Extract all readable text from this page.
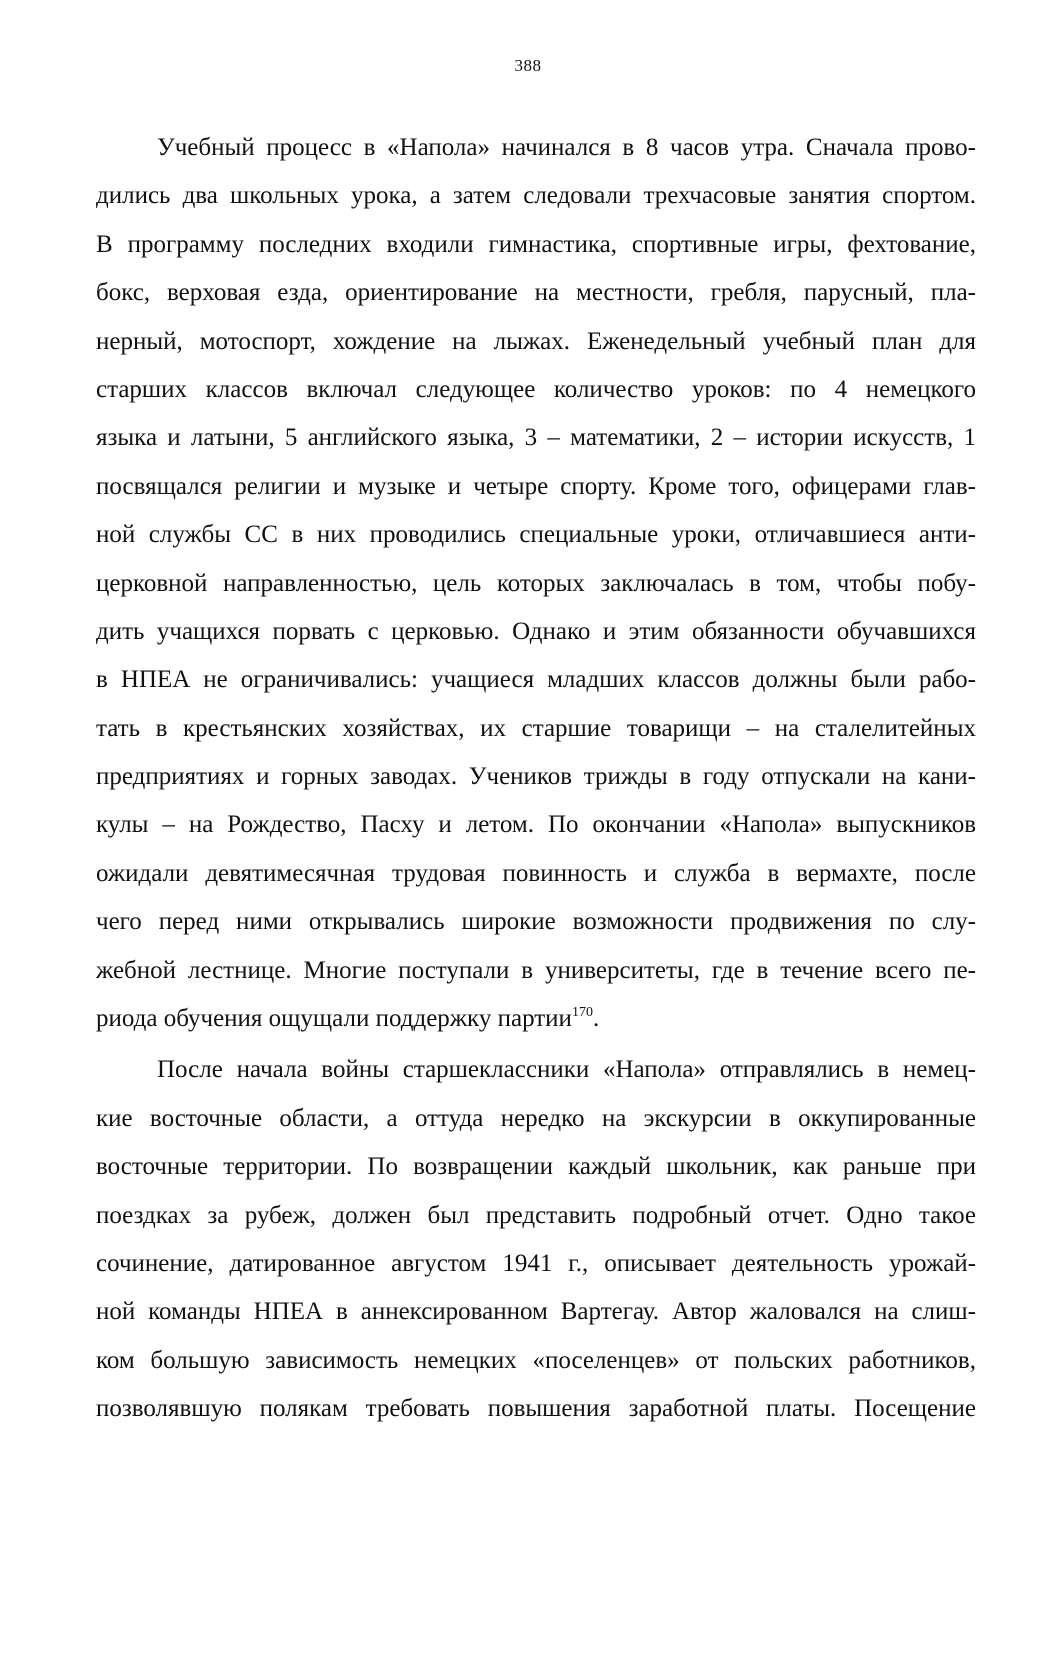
388
Учебный процесс в «Напола» начинался в 8 часов утра. Сначала прово-
дились два школьных урока, а затем следовали трехчасовые занятия спортом.
В программу последних входили гимнастика, спортивные игры, фехтование,
бокс, верховая езда, ориентирование на местности, гребля, парусный, пла-
нерный, мотоспорт, хождение на лыжах. Еженедельный учебный план для
старших классов включал следующее количество уроков: по 4 немецкого
языка и латыни, 5 английского языка, 3 – математики, 2 – истории искусств, 1
посвящался религии и музыке и четыре спорту. Кроме того, офицерами глав-
ной службы СС в них проводились специальные уроки, отличавшиеся анти-
церковной направленностью, цель которых заключалась в том, чтобы побу-
дить учащихся порвать с церковью. Однако и этим обязанности обучавшихся
в НПЕА не ограничивались: учащиеся младших классов должны были рабо-
тать в крестьянских хозяйствах, их старшие товарищи – на сталелитейных
предприятиях и горных заводах. Учеников трижды в году отпускали на кани-
кулы – на Рождество, Пасху и летом. По окончании «Напола» выпускников
ожидали девятимесячная трудовая повинность и служба в вермахте, после
чего перед ними открывались широкие возможности продвижения по слу-
жебной лестнице. Многие поступали в университеты, где в течение всего пе-
риода обучения ощущали поддержку партии$^{170}$.
После начала войны старшеклассники «Напола» отправлялись в немец-
кие восточные области, а оттуда нередко на экскурсии в оккупированные
восточные территории. По возвращении каждый школьник, как раньше при
поездках за рубеж, должен был представить подробный отчет. Одно такое
сочинение, датированное августом 1941 г., описывает деятельность урожай-
ной команды НПЕА в аннексированном Вартегау. Автор жаловался на слиш-
ком большую зависимость немецких «поселенцев» от польских работников,
позволявшую полякам требовать повышения заработной платы. Посещение
